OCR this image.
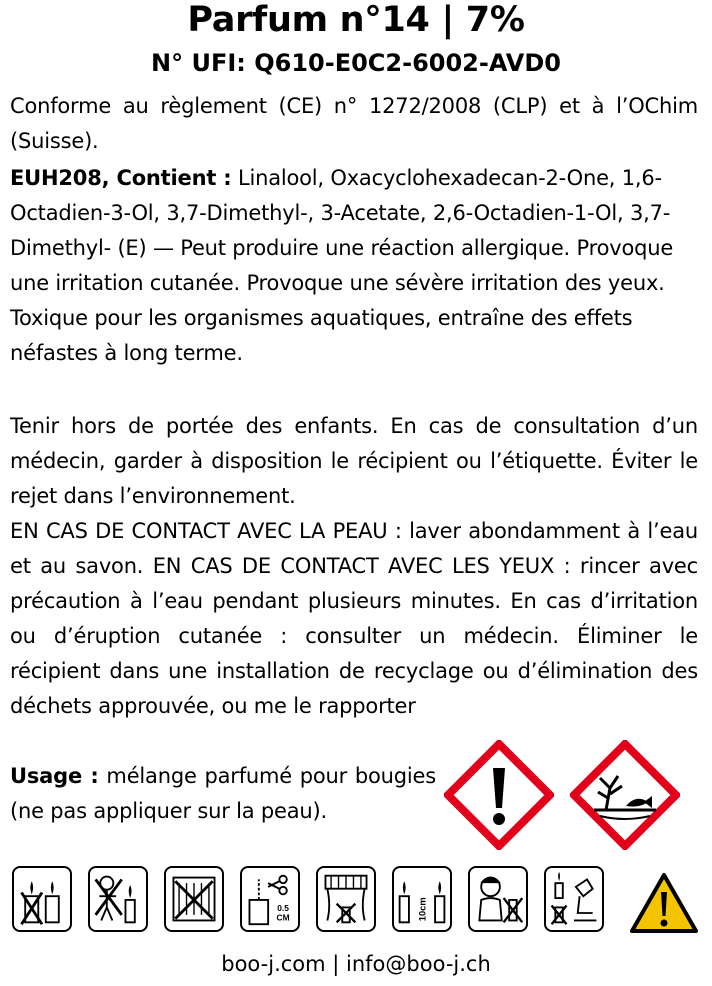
Parfum n°14 | 7%
N° UFI: Q610-E0C2-6002-AVD0
Conforme au règlement (CE) n° 1272/2008 (CLP) et à l’OChim (Suisse).
EUH208, Contient : Linalool, Oxacyclohexadecan-2-One, 1,6-Octadien-3-Ol, 3,7-Dimethyl-, 3-Acetate, 2,6-Octadien-1-Ol, 3,7-Dimethyl- (E) — Peut produire une réaction allergique. Provoque une irritation cutanée. Provoque une sévère irritation des yeux. Toxique pour les organismes aquatiques, entraîne des effets néfastes à long terme.
Tenir hors de portée des enfants. En cas de consultation d’un médecin, garder à disposition le récipient ou l’étiquette. Éviter le rejet dans l’environnement.
EN CAS DE CONTACT AVEC LA PEAU : laver abondamment à l’eau et au savon. EN CAS DE CONTACT AVEC LES YEUX : rincer avec précaution à l’eau pendant plusieurs minutes. En cas d’irritation ou d’éruption cutanée : consulter un médecin. Éliminer le récipient dans une installation de recyclage ou d’élimination des déchets approuvée, ou me le rapporter
Usage : mélange parfumé pour bougies (ne pas appliquer sur la peau).
0.5
CM	10cm
boo-j.com | info@boo-j.ch
